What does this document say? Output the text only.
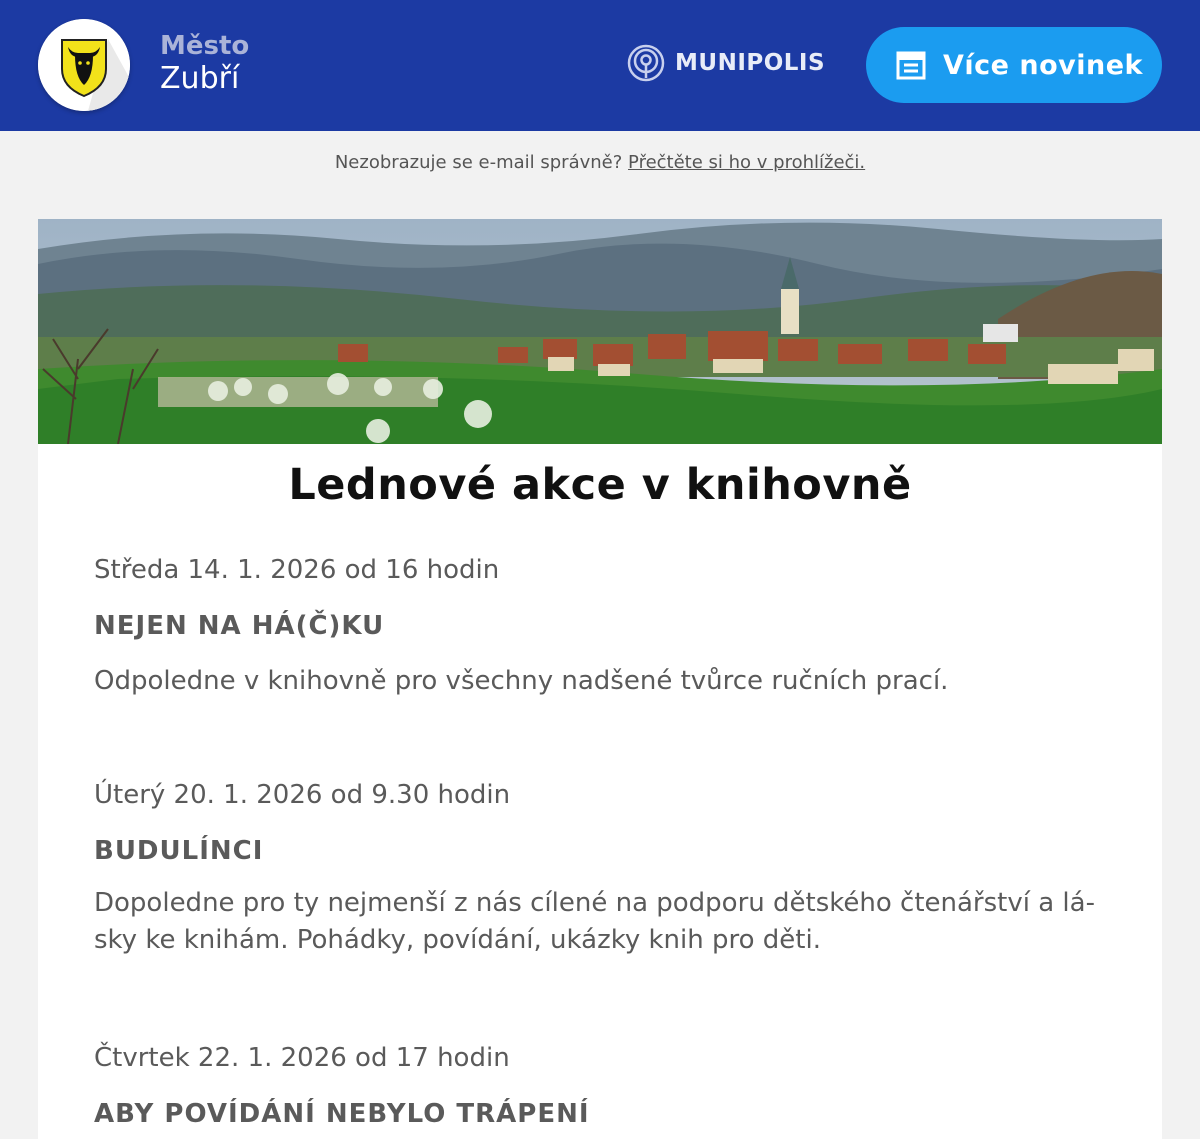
Město
Zubří	MUNIPOLIS	Více novinek
Nezobrazuje se e-mail správně? Přečtěte si ho v prohlížeči.
Lednové akce v knihovně
Středa 14. 1. 2026 od 16 hodin
NEJEN NA HÁ(Č)KU
Odpoledne v knihovně pro všechny nadšené tvůrce ručních prací.
Úterý 20. 1. 2026 od 9.30 hodin
BUDULÍNCI
Dopoledne pro ty nejmenší z nás cílené na podporu dětského čtenářství a lá-
sky ke knihám. Pohádky, povídání, ukázky knih pro děti.
Čtvrtek 22. 1. 2026 od 17 hodin
ABY POVÍDÁNÍ NEBYLO TRÁPENÍ
